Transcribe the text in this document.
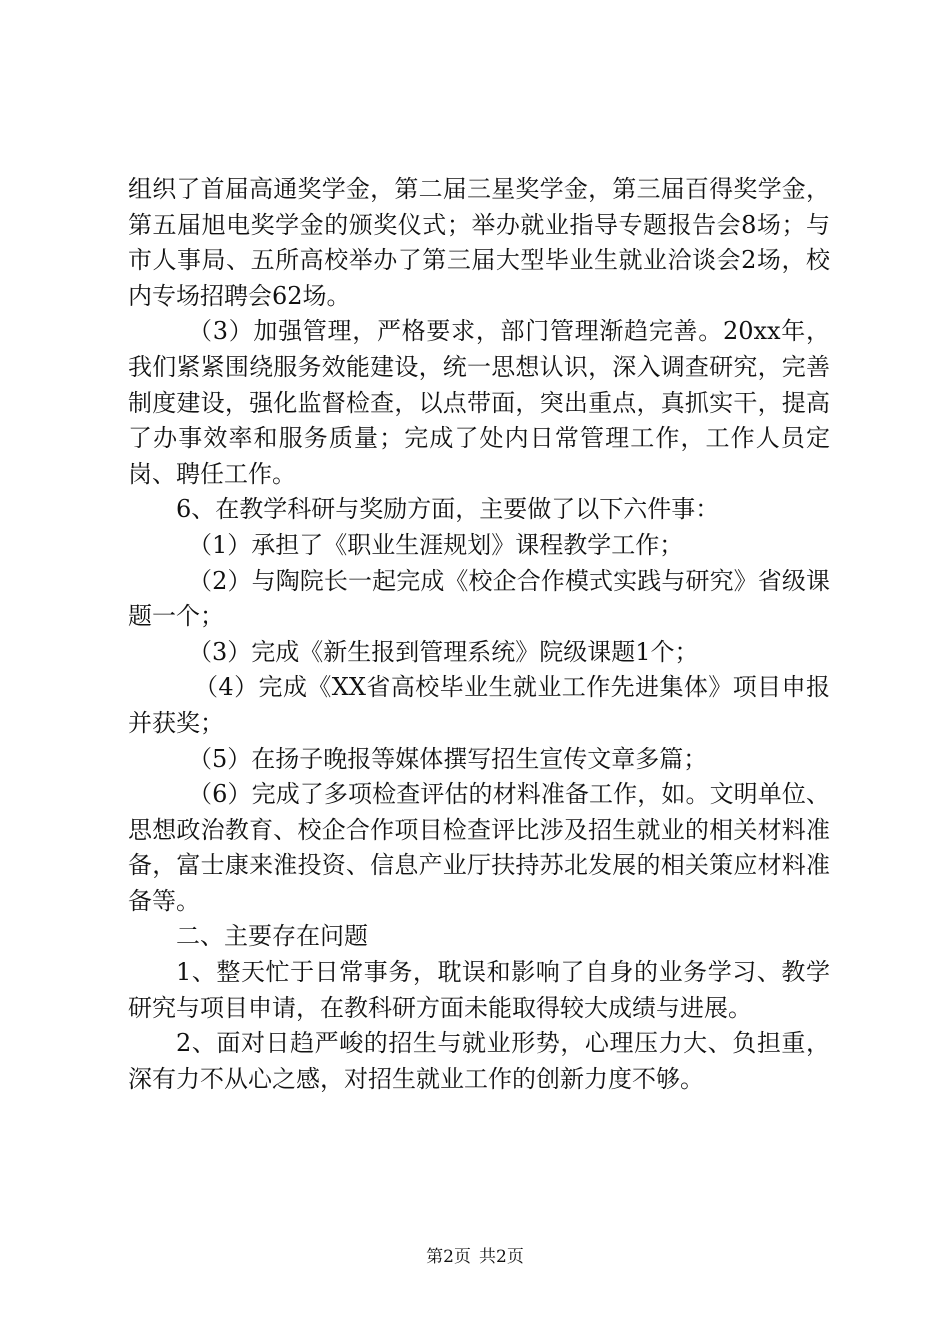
组织了首届高通奖学金，第二届三星奖学金，第三届百得奖学金，第五届旭电奖学金的颁奖仪式；举办就业指导专题报告会8场；与市人事局、五所高校举办了第三届大型毕业生就业洽谈会2场，校内专场招聘会62场。

（3）加强管理，严格要求，部门管理渐趋完善。20xx年，我们紧紧围绕服务效能建设，统一思想认识，深入调查研究，完善制度建设，强化监督检查，以点带面，突出重点，真抓实干，提高了办事效率和服务质量；完成了处内日常管理工作，工作人员定岗、聘任工作。

6、在教学科研与奖励方面，主要做了以下六件事：

（1）承担了《职业生涯规划》课程教学工作；

（2）与陶院长一起完成《校企合作模式实践与研究》省级课题一个；

（3）完成《新生报到管理系统》院级课题1个；

（4）完成《XX省高校毕业生就业工作先进集体》项目申报并获奖；

（5）在扬子晚报等媒体撰写招生宣传文章多篇；

（6）完成了多项检查评估的材料准备工作，如。文明单位、思想政治教育、校企合作项目检查评比涉及招生就业的相关材料准备，富士康来淮投资、信息产业厅扶持苏北发展的相关策应材料准备等。

二、主要存在问题

1、整天忙于日常事务，耽误和影响了自身的业务学习、教学研究与项目申请，在教科研方面未能取得较大成绩与进展。

2、面对日趋严峻的招生与就业形势，心理压力大、负担重，深有力不从心之感，对招生就业工作的创新力度不够。

第2页 共2页
